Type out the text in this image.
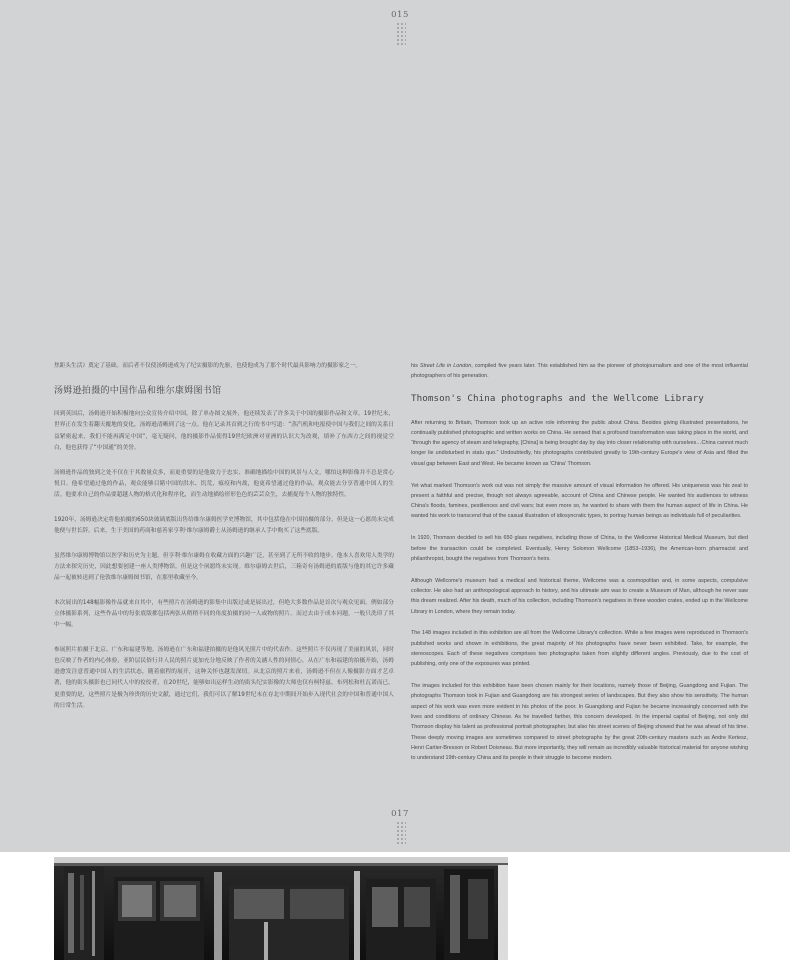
015

焦距头生活》奠定了基础。而后者不仅使汤姆逊成为了纪实摄影的先驱，也使他成为了那个时代最具影响力的摄影家之一。

汤姆逊拍摄的中国作品和维尔康姆图书馆

回到英国后，汤姆逊开始积极地向公众宣传介绍中国。除了单办图文展外，他还续发表了许多关于中国的摄影作品和文章。19世纪末，世界正在发生着翻天覆地的变化，汤姆逊清晰到了这一点。他在记录其首到之行的书中写道：“蒸汽机和电报使中国与我们之间的关系日益紧密起来，我们不能再满足中国”，毫无疑问，他的摄影作品使得19世纪欧洲对亚洲的认识大为改观，填补了东西方之间的视觉空白，他也获得了“中国通”的美誉。

汤姆逊作品的独到之处不仅在于其数量众多，而更重要的是他致力于忠实、准确地描绘中国的风景与人文，哪怕这种影像并不总是赏心悦目。他希望通过他的作品，观众能够目睹中国的洪水、饥荒、瘟疫和内战，他更希望通过他的作品，观众能去分享普通中国人的生活。他要求自己的作品要超越人物的格式化和程序化，而生动地描绘形形色色的芸芸众生，去捕捉每个人物的独特性。

1920年，汤姆逊决定将他拍摄的650块玻璃底版出售给维尔康姆医学史博物馆，其中包括他在中国拍摄的部分。但是这一心愿尚未完成他便与世长辞。后来，生于美国的药商和慈善家亨利·维尔康姆爵士从汤姆逊的继承人手中购买了这些底版。

虽然维尔康姆博物馆以医学和历史为主题，但亨利·维尔康姆在收藏方面的兴趣广泛，甚至到了无所不收的地步。他本人喜欢用人类学的方法来探究历史，因此想要创建一座人类博物馆。但是这个夙愿终未实现。维尔康姆去世后，三箱奇有汤姆逊的底版与他的其它许多藏品一起被转送到了伦敦维尔康姆图书馆，在那里收藏至今。

本次展出的148幅影像作品就来自其中，有些照片在汤姆逊的影集中出版过或是展出过，但绝大多数作品是首次与观众见面。例如部分立体摄影系列，这些作品中的每张底版都包括两张从稍稍不同的角度拍摄的同一人或物的照片。而过去由于成本问题，一般只洗印了其中一幅。

参展照片拍摄于北京、广东和福建等地。汤姆逊在广东和福建拍摄的是他风光照片中的代表作。这些照片不仅再现了美丽的风景，同时也反映了作者的内心体验，亚阶层民俗行并人民的照片更加充分地反映了作者的关涵人性的同情心。从在广东和福建的拍摄开始，汤姆逊愈发注意普通中国人的生活状态，随着旅程的展开，这种关怀也越发深切。从北京的照片来看，汤姆逊不但在人像摄影方面才艺卓著，他的街头摄影也已同代人中的佼佼者，在20世纪，能够如出运样生动的街头纪实影像的大师也仅有柯特兹、布列松和杜瓦诺而已。更重要的是，这些照片是极为珍贵的历史文献，通过它们，我们可以了解19世纪末在存北中期间开始步入现代社会的中国和普通中国人的日常生活。

his Street Life in London, compiled five years later. This established him as the pioneer of photojournalism and one of the most influential photographers of his generation.

Thomson's China photographs and the Wellcome Library

After returning to Britain, Thomson took up an active role informing the public about China. Besides giving illustrated presentations, he continually published photographic and written works on China. He sensed that a profound transformation was taking place in the world, and “through the agency of steam and telegraphy, [China] is being brought day by day into closer relationship with ourselves…China cannot much longer lie undisturbed in statu quo.” Undoubtedly, his photographs contributed greatly to 19th-century Europe's view of Asia and filled the visual gap between East and West. He became known as 'China' Thomson.

Yet what marked Thomson's work out was not simply the massive amount of visual information he offered. His uniqueness was his zeal to present a faithful and precise, though not always agreeable, account of China and Chinese people. He wanted his audiences to witness China's floods, famines, pestilences and civil wars; but even more so, he wanted to share with them the human aspect of life in China. He wanted his work to transcend that of the casual illustration of idiosyncratic types, to portray human beings as individuals full of peculiarities.

In 1920, Thomson decided to sell his 650 glass negatives, including those of China, to the Wellcome Historical Medical Museum, but died before the transaction could be completed. Eventually, Henry Solomon Wellcome (1853–1936), the American-born pharmacist and philanthropist, bought the negatives from Thomson's heirs.

Although Wellcome's museum had a medical and historical theme, Wellcome was a cosmopolitan and, in some aspects, compulsive collector. He also had an anthropological approach to history, and his ultimate aim was to create a Museum of Man, although he never saw this dream realized. After his death, much of his collection, including Thomson's negatives in three wooden crates, ended up in the Wellcome Library in London, where they remain today.

The 148 images included in this exhibition are all from the Wellcome Library's collection. While a few images were reproduced in Thomson's published works and shown in exhibitions, the great majority of his photographs have never been exhibited. Take, for example, the stereoscopes. Each of these negatives comprises two photographs taken from slightly different angles. Previously, due to the cost of publishing, only one of the exposures was printed.

The images included for this exhibition have been chosen mainly for their locations, namely those of Beijing, Guangdong and Fujian. The photographs Thomson took in Fujian and Guangdong are his strongest series of landscapes. But they also show his sensitivity. The human aspect of his work was even more evident in his photos of the poor. In Guangdong and Fujian he became increasingly concerned with the lives and conditions of ordinary Chinese. As he travelled farther, this concern developed. In the imperial capital of Beijing, not only did Thomson display his talent as professional portrait photographer, but also his street scenes of Beijing showed that he was ahead of his time. These deeply moving images are sometimes compared to street photographs by the great 20th-century masters such as Andre Kertesz, Henri Cartier-Bresson or Robert Doisneau. But more importantly, they will remain as incredibly valuable historical material for anyone wishing to understand 19th-century China and its people in their struggle to become modern.

017
